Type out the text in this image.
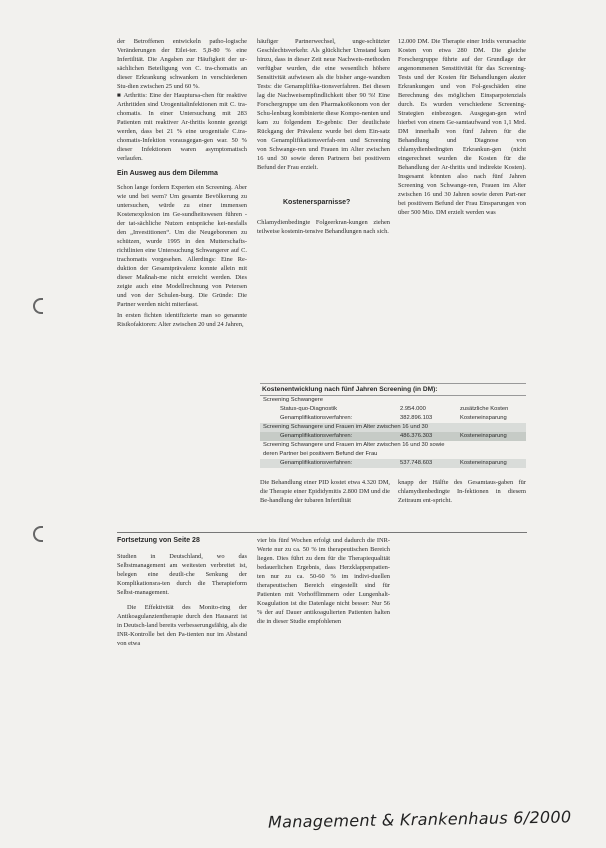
der Betroffenen entwickeln patho-logische Veränderungen der Eilei-ter. 5,8-80 % eine Infertilität. Die Angaben zur Häufigkeit der ur-sächlichen Beteiligung von C. tra-chomatis an dieser Erkrankung schwanken in verschiedenen Stu-dien zwischen 25 und 60 %.

■ Arthritis: Eine der Hauptursa-chen für reaktive Arthritiden sind Urogenitalinfektionen mit C. tra-chomatis. In einer Untersuchung mit 283 Patienten mit reaktiver Ar-thritis konnte gezeigt werden, dass bei 21 % eine urogenitale C.tra-chomatis-Infektion vorausgegan-gen war. 50 % dieser Infektionen waren asymptomatisch verlaufen.

Ein Ausweg aus dem Dilemma

Schon lange fordern Experten ein Screening. Aber wie und bei wem? Um gesamte Bevölkerung zu untersuchen, würde zu einer immensen Kostenexplosion im Ge-sundheitswesen führen - der tat-sächliche Nutzen entspräche kei-nesfalls den „Investitionen“. Um die Neugeborenen zu schützen, wurde 1995 in den Mutterschafts-richtlinien eine Untersuchung Schwangerer auf C. trachomatis vorgesehen. Allerdings: Eine Re-duktion der Gesamtprävalenz konnte allein mit dieser Maßnah-me nicht erreicht werden. Dies zeigte auch eine Modellrechnung von Petersen und von der Schulen-burg. Die Gründe: Die Partner werden nicht miterfasst.

In ersten fichten identifizierte man so genannte Risikofaktoren: Alter zwischen 20 und 24 Jahren,

häufiger Partnerwechsel, unge-schützter Geschlechtsverkehr. Als glücklicher Umstand kam hinzu, dass in dieser Zeit neue Nachweis-methoden verfügbar wurden, die eine wesentlich höhere Sensitivität aufwiesen als die bisher ange-wandten Tests: die Genamplifika-tionsverfahren. Bei diesen lag die Nachweisempfindlichkeit über 90 %! Eine Forschergruppe um den Pharmakoökonom von der Schu-lenburg kombinierte diese Kompo-nenten und kam zu folgendem Er-gebnis: Der deutlichste Rückgang der Prävalenz wurde bei dem Ein-satz von Genamplifikationsverfah-ren und Screening von Schwange-ren und Frauen im Alter zwischen 16 und 30 sowie deren Partnern bei positivem Befund der Frau erzielt.

Kostenersparnisse?

Chlamydienbedingte Folgeerkran-kungen ziehen teilweise kostenin-tensive Behandlungen nach sich.

12.000 DM. Die Therapie einer Iridis verursachte Kosten von etwa 280 DM. Die gleiche Forschergruppe führte auf der Grundlage der angenommenen Senstitivität für das Screening-Tests und der Kosten für Behandlungen akuter Erkrankungen und von Fol-geschäden eine Berechnung des möglichen Einsparpotenzials durch. Es wurden verschiedene Screening-Strategien einbezogen. Ausgegan-gen wird hierbei von einem Ge-samtaufwand von 1,1 Mrd. DM innerhalb von fünf Jahren für die Behandlung und Diagnose von chlamydienbedingten Erkrankun-gen (nicht eingerechnet wurden die Kosten für die Behandlung der Ar-thritis und indirekte Kosten). Insgesamt könnten also nach fünf Jahren Screening von Schwange-ren, Frauen im Alter zwischen 16 und 30 Jahren sowie deren Part-ner bei positivem Befund der Frau Einsparungen von über 500 Mio. DM erzielt werden was

Kostenentwicklung nach fünf Jahren Screening (in DM):
Screening Schwangere
Status-quo-Diagnostik	2.954.000	zusätzliche Kosten
Genamplifikationsverfahren:	382.896.103	Kosteneinsparung
Screening Schwangere und Frauen im Alter zwischen 16 und 30
Genamplifikationsverfahren:	486.376.303	Kosteneinsparung
Screening Schwangere und Frauen im Alter zwischen 16 und 30 sowie
deren Partner bei positivem Befund der Frau
Genamplifikationsverfahren:	537.748.603	Kosteneinsparung

Die Behandlung einer PID kostet etwa 4.320 DM, die Therapie einer Epididymitis 2.800 DM und die Be-handlung der tubaren Infertilität

knapp der Hälfte des Gesamtaus-gaben für chlamydienbedingte In-fektionen in diesem Zeitraum ent-spricht.

Fortsetzung von Seite 28

Studien in Deutschland, wo das Selbstmanagement am weitesten verbreitet ist, belegen eine deutli-che Senkung der Komplikationsra-ten durch die Therapieform Selbst-management.

Die Effektivität des Monito-ring der Antikoagulanzientherapie durch den Hausarzt ist in Deutsch-land bereits verbesserungsfähig, als die INR-Kontrolle bei den Pa-tienten nur im Abstand von etwa

vier bis fünf Wochen erfolgt und dadurch die INR-Werte nur zu ca. 50 % im therapeutischen Bereich liegen. Dies führt zu dem für die Therapiequalität bedauerlichen Ergebnis, dass Herzklappenpatien-ten nur zu ca. 50-60 % im indivi-duellen therapeutischen Bereich eingestellt sind für Patienten mit Vorhofflimmern oder Lungenhalt-Koagulation ist die Datenlage nicht besser: Nur 56 % der auf Dauer antikoagulierten Patienten halten die in dieser Studie empfohlenen

Management & Krankenhaus 6/2000
